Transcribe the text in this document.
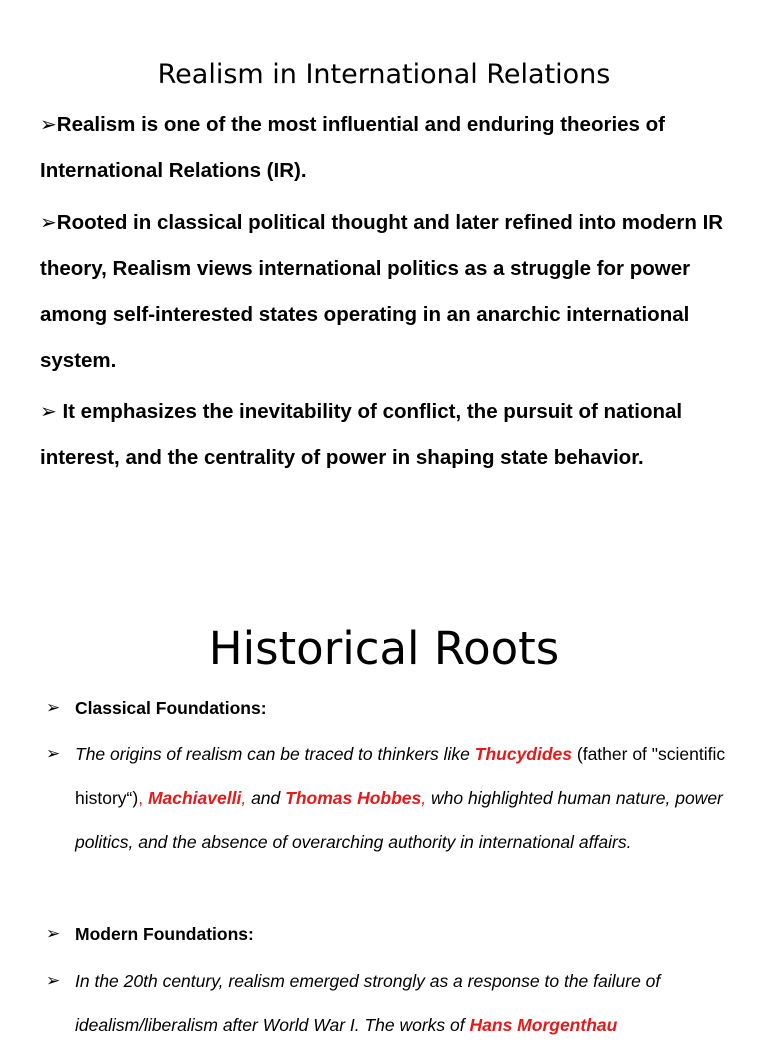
Realism in International Relations
➢Realism is one of the most influential and enduring theories of International Relations (IR).
➢Rooted in classical political thought and later refined into modern IR theory, Realism views international politics as a struggle for power among self-interested states operating in an anarchic international system.
➢ It emphasizes the inevitability of conflict, the pursuit of national interest, and the centrality of power in shaping state behavior.
Historical Roots
➢ Classical Foundations:
➢ The origins of realism can be traced to thinkers like Thucydides (father of "scientific history“), Machiavelli, and Thomas Hobbes, who highlighted human nature, power politics, and the absence of overarching authority in international affairs.
➢ Modern Foundations:
➢ In the 20th century, realism emerged strongly as a response to the failure of idealism/liberalism after World War I. The works of Hans Morgenthau
